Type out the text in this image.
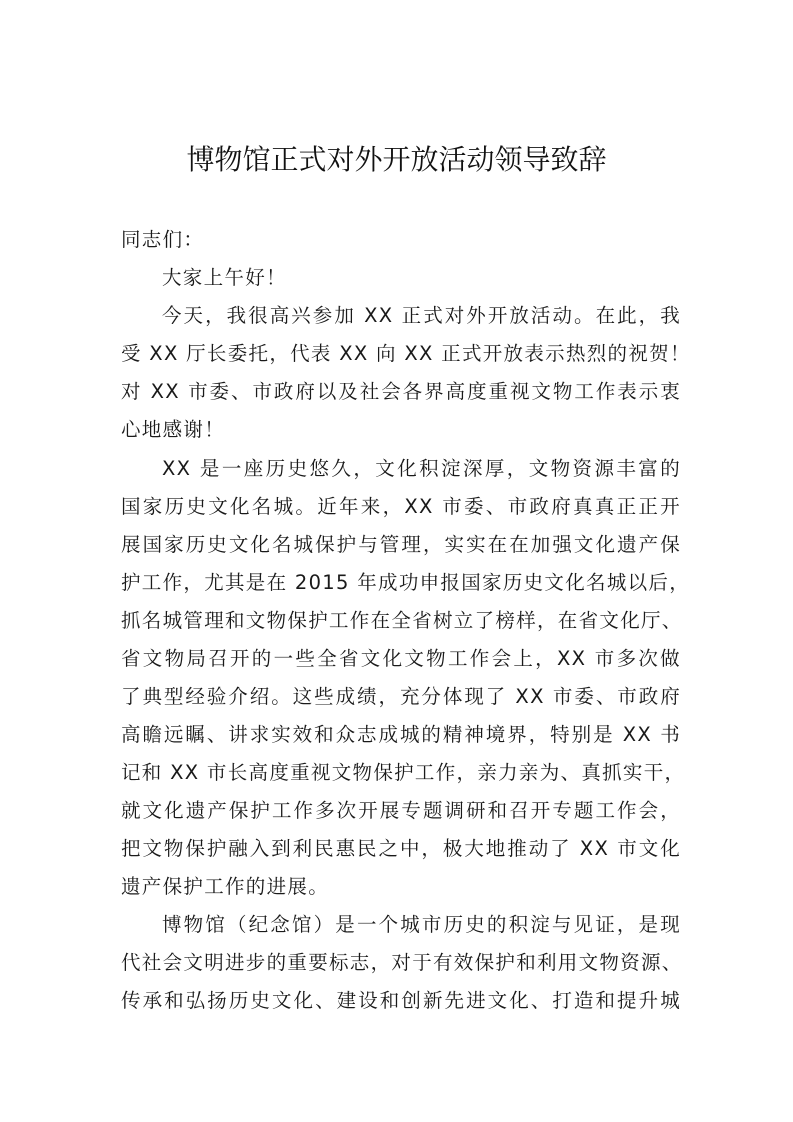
博物馆正式对外开放活动领导致辞
同志们：
大家上午好！
今天，我很高兴参加 XX 正式对外开放活动。在此，我
受 XX 厅长委托，代表 XX 向 XX 正式开放表示热烈的祝贺！
对 XX 市委、市政府以及社会各界高度重视文物工作表示衷
心地感谢！
XX 是一座历史悠久，文化积淀深厚，文物资源丰富的
国家历史文化名城。近年来，XX 市委、市政府真真正正开
展国家历史文化名城保护与管理，实实在在加强文化遗产保
护工作，尤其是在 2015 年成功申报国家历史文化名城以后，
抓名城管理和文物保护工作在全省树立了榜样，在省文化厅、
省文物局召开的一些全省文化文物工作会上，XX 市多次做
了典型经验介绍。这些成绩，充分体现了 XX 市委、市政府
高瞻远瞩、讲求实效和众志成城的精神境界，特别是 XX 书
记和 XX 市长高度重视文物保护工作，亲力亲为、真抓实干，
就文化遗产保护工作多次开展专题调研和召开专题工作会，
把文物保护融入到利民惠民之中，极大地推动了 XX 市文化
遗产保护工作的进展。
博物馆（纪念馆）是一个城市历史的积淀与见证，是现
代社会文明进步的重要标志，对于有效保护和利用文物资源、
传承和弘扬历史文化、建设和创新先进文化、打造和提升城
